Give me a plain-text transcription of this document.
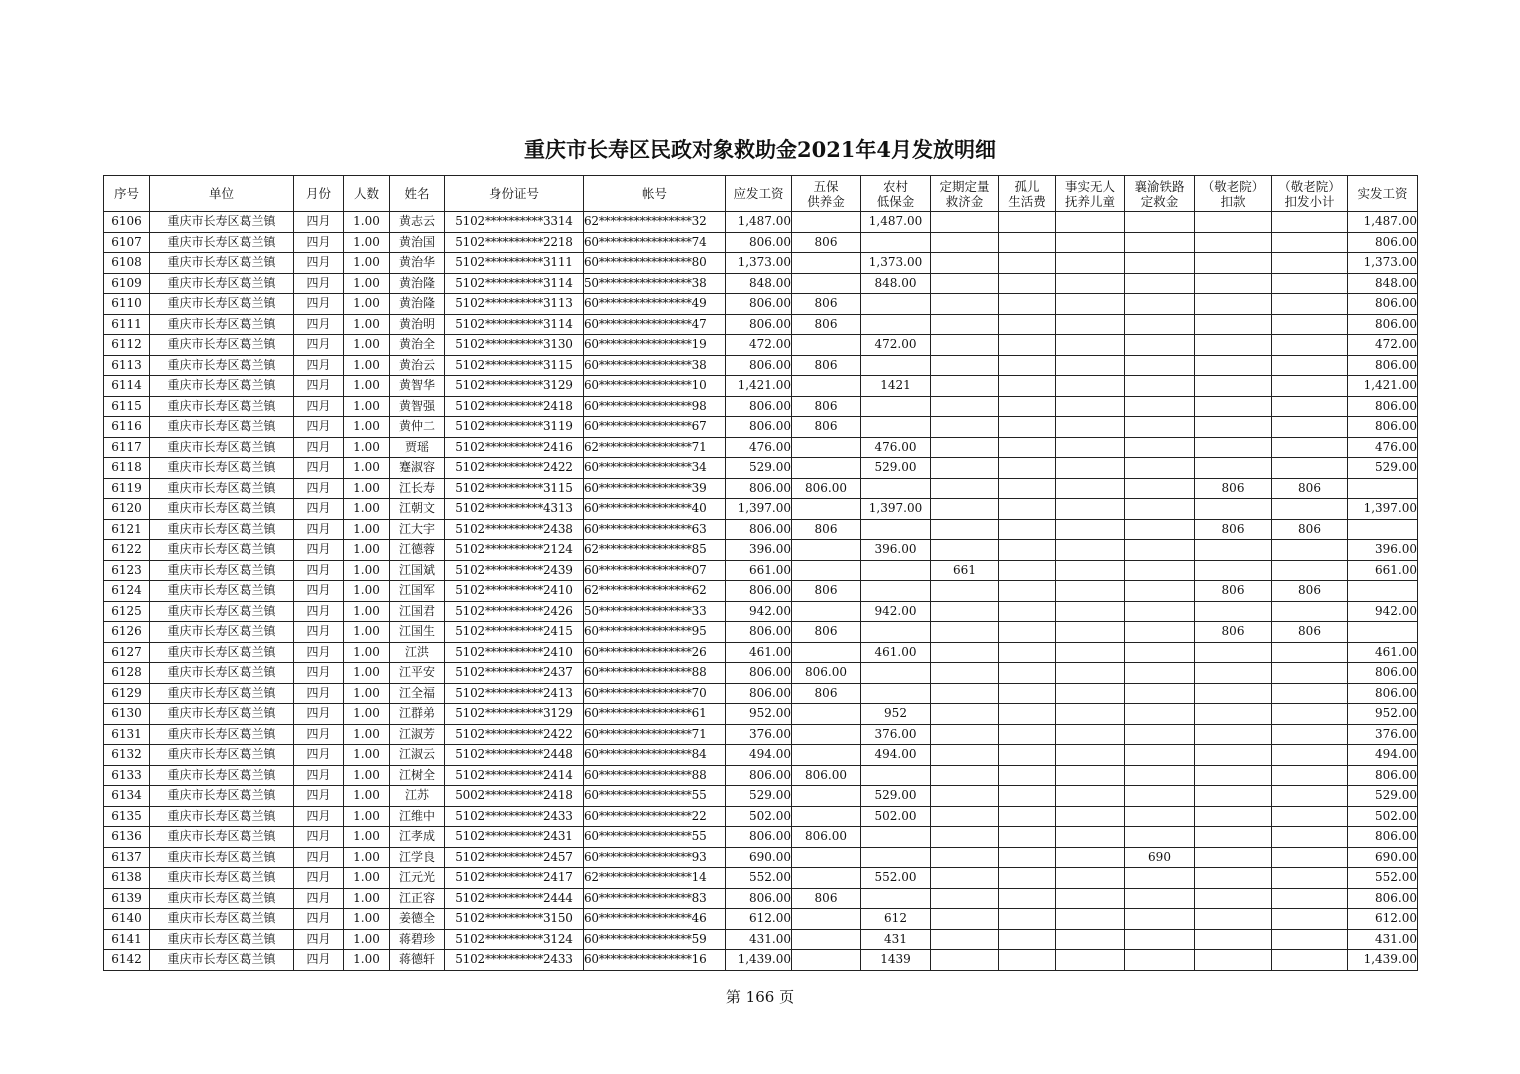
重庆市长寿区民政对象救助金2021年4月发放明细
序号	单位	月份	人数	姓名	身份证号	帐号	应发工资	五保
供养金	农村
低保金	定期定量
救济金	孤儿
生活费	事实无人
抚养儿童	襄渝铁路
定救金	（敬老院）
扣款	（敬老院）
扣发小计	实发工资

6106	重庆市长寿区葛兰镇	四月	1.00	黄志云	5102**********3314	62****************32	1,487.00		1,487.00							1,487.00
6107	重庆市长寿区葛兰镇	四月	1.00	黄治国	5102**********2218	60****************74	806.00	806								806.00
6108	重庆市长寿区葛兰镇	四月	1.00	黄治华	5102**********3111	60****************80	1,373.00		1,373.00							1,373.00
6109	重庆市长寿区葛兰镇	四月	1.00	黄治隆	5102**********3114	50****************38	848.00		848.00							848.00
6110	重庆市长寿区葛兰镇	四月	1.00	黄治隆	5102**********3113	60****************49	806.00	806								806.00
6111	重庆市长寿区葛兰镇	四月	1.00	黄治明	5102**********3114	60****************47	806.00	806								806.00
6112	重庆市长寿区葛兰镇	四月	1.00	黄治全	5102**********3130	60****************19	472.00		472.00							472.00
6113	重庆市长寿区葛兰镇	四月	1.00	黄治云	5102**********3115	60****************38	806.00	806								806.00
6114	重庆市长寿区葛兰镇	四月	1.00	黄智华	5102**********3129	60****************10	1,421.00		1421							1,421.00
6115	重庆市长寿区葛兰镇	四月	1.00	黄智强	5102**********2418	60****************98	806.00	806								806.00
6116	重庆市长寿区葛兰镇	四月	1.00	黄仲二	5102**********3119	60****************67	806.00	806								806.00
6117	重庆市长寿区葛兰镇	四月	1.00	贾瑶	5102**********2416	62****************71	476.00		476.00							476.00
6118	重庆市长寿区葛兰镇	四月	1.00	蹇淑容	5102**********2422	60****************34	529.00		529.00							529.00
6119	重庆市长寿区葛兰镇	四月	1.00	江长寿	5102**********3115	60****************39	806.00	806.00						806	806	
6120	重庆市长寿区葛兰镇	四月	1.00	江朝文	5102**********4313	60****************40	1,397.00		1,397.00							1,397.00
6121	重庆市长寿区葛兰镇	四月	1.00	江大宇	5102**********2438	60****************63	806.00	806						806	806	
6122	重庆市长寿区葛兰镇	四月	1.00	江德蓉	5102**********2124	62****************85	396.00		396.00							396.00
6123	重庆市长寿区葛兰镇	四月	1.00	江国斌	5102**********2439	60****************07	661.00			661						661.00
6124	重庆市长寿区葛兰镇	四月	1.00	江国军	5102**********2410	62****************62	806.00	806						806	806	
6125	重庆市长寿区葛兰镇	四月	1.00	江国君	5102**********2426	50****************33	942.00		942.00							942.00
6126	重庆市长寿区葛兰镇	四月	1.00	江国生	5102**********2415	60****************95	806.00	806						806	806	
6127	重庆市长寿区葛兰镇	四月	1.00	江洪	5102**********2410	60****************26	461.00		461.00							461.00
6128	重庆市长寿区葛兰镇	四月	1.00	江平安	5102**********2437	60****************88	806.00	806.00								806.00
6129	重庆市长寿区葛兰镇	四月	1.00	江全福	5102**********2413	60****************70	806.00	806								806.00
6130	重庆市长寿区葛兰镇	四月	1.00	江群弟	5102**********3129	60****************61	952.00		952							952.00
6131	重庆市长寿区葛兰镇	四月	1.00	江淑芳	5102**********2422	60****************71	376.00		376.00							376.00
6132	重庆市长寿区葛兰镇	四月	1.00	江淑云	5102**********2448	60****************84	494.00		494.00							494.00
6133	重庆市长寿区葛兰镇	四月	1.00	江树全	5102**********2414	60****************88	806.00	806.00								806.00
6134	重庆市长寿区葛兰镇	四月	1.00	江苏	5002**********2418	60****************55	529.00		529.00							529.00
6135	重庆市长寿区葛兰镇	四月	1.00	江维中	5102**********2433	60****************22	502.00		502.00							502.00
6136	重庆市长寿区葛兰镇	四月	1.00	江孝成	5102**********2431	60****************55	806.00	806.00								806.00
6137	重庆市长寿区葛兰镇	四月	1.00	江学良	5102**********2457	60****************93	690.00						690			690.00
6138	重庆市长寿区葛兰镇	四月	1.00	江元光	5102**********2417	62****************14	552.00		552.00							552.00
6139	重庆市长寿区葛兰镇	四月	1.00	江正容	5102**********2444	60****************83	806.00	806								806.00
6140	重庆市长寿区葛兰镇	四月	1.00	姜德全	5102**********3150	60****************46	612.00		612							612.00
6141	重庆市长寿区葛兰镇	四月	1.00	蒋碧珍	5102**********3124	60****************59	431.00		431							431.00
6142	重庆市长寿区葛兰镇	四月	1.00	蒋德轩	5102**********2433	60****************16	1,439.00		1439							1,439.00
第 166 页
